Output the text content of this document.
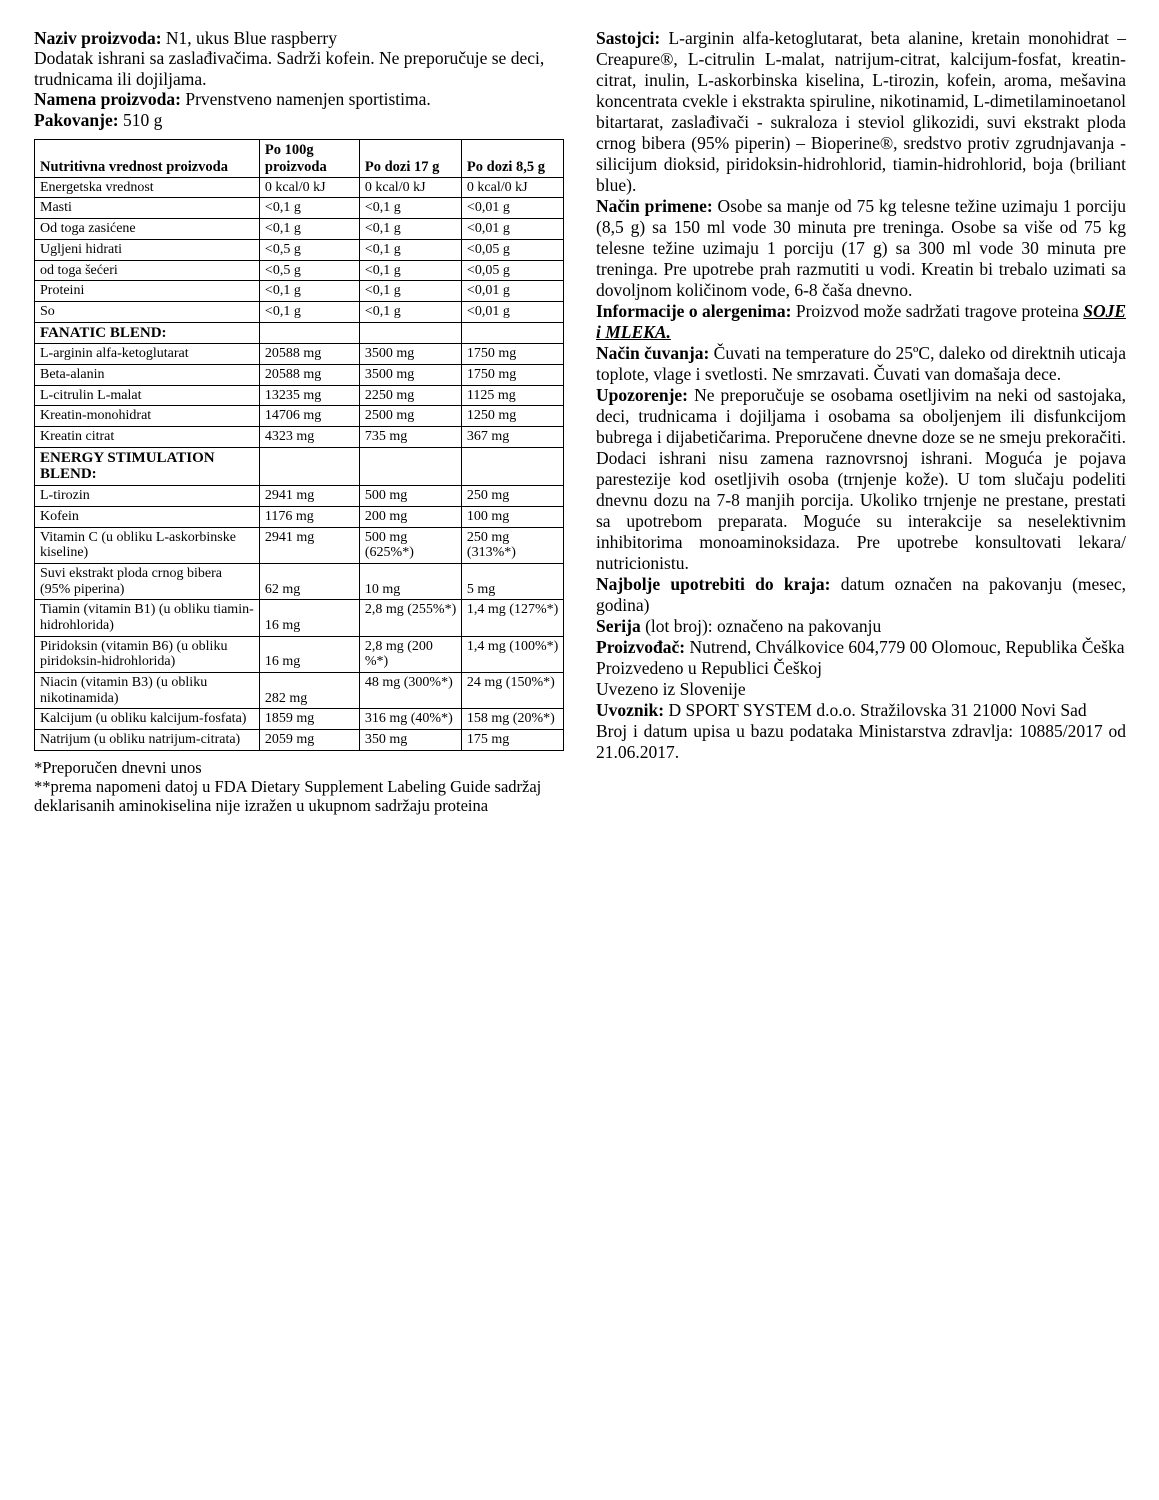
Naziv proizvoda: N1, ukus Blue raspberry

Dodatak ishrani sa zaslađivačima. Sadrži kofein. Ne preporučuje se deci, trudnicama ili dojiljama.

Namena proizvoda: Prvenstveno namenjen sportistima.

Pakovanje: 510 g

Nutritivna vrednost proizvoda	Po 100g proizvoda	Po dozi 17 g	Po dozi 8,5 g
Energetska vrednost	0 kcal/0 kJ	0 kcal/0 kJ	0 kcal/0 kJ
Masti	<0,1 g	<0,1 g	<0,01 g
Od toga zasićene	<0,1 g	<0,1 g	<0,01 g
Ugljeni hidrati	<0,5 g	<0,1 g	<0,05 g
od toga šećeri	<0,5 g	<0,1 g	<0,05 g
Proteini	<0,1 g	<0,1 g	<0,01 g
So	<0,1 g	<0,1 g	<0,01 g
FANATIC BLEND:			
L-arginin alfa-ketoglutarat	20588 mg	3500 mg	1750 mg
Beta-alanin	20588 mg	3500 mg	1750 mg
L-citrulin L-malat	13235 mg	2250 mg	1125 mg
Kreatin-monohidrat	14706 mg	2500 mg	1250 mg
Kreatin citrat	4323 mg	735 mg	367 mg
ENERGY STIMULATION BLEND:			
L-tirozin	2941 mg	500 mg	250 mg
Kofein	1176 mg	200 mg	100 mg
Vitamin C (u obliku L-askorbinske kiseline)	2941 mg	500 mg (625%*)	250 mg (313%*)
Suvi ekstrakt ploda crnog bibera (95% piperina)	62 mg	10 mg	5 mg
Tiamin (vitamin B1) (u obliku tiamin-hidrohlorida)	16 mg	2,8 mg (255%*)	1,4 mg (127%*)
Piridoksin (vitamin B6) (u obliku piridoksin-hidrohlorida)	16 mg	2,8 mg (200 %*)	1,4 mg (100%*)
Niacin (vitamin B3) (u obliku nikotinamida)	282 mg	48 mg (300%*)	24 mg (150%*)
Kalcijum (u obliku kalcijum-fosfata)	1859 mg	316 mg (40%*)	158 mg (20%*)
Natrijum (u obliku natrijum-citrata)	2059 mg	350 mg	175 mg

*Preporučen dnevni unos

**prema napomeni datoj u FDA Dietary Supplement Labeling Guide sadržaj deklarisanih aminokiselina nije izražen u ukupnom sadržaju proteina

Sastojci: L-arginin alfa-ketoglutarat, beta alanine, kretain monohidrat – Creapure®, L-citrulin L-malat, natrijum-citrat, kalcijum-fosfat, kreatin-citrat, inulin, L-askorbinska kiselina, L-tirozin, kofein, aroma, mešavina koncentrata cvekle i ekstrakta spiruline, nikotinamid, L-dimetilaminoetanol bitartarat, zaslađivači - sukraloza i steviol glikozidi, suvi ekstrakt ploda crnog bibera (95% piperin) – Bioperine®, sredstvo protiv zgrudnjavanja - silicijum dioksid, piridoksin-hidrohlorid, tiamin-hidrohlorid, boja (briliant blue).

Način primene: Osobe sa manje od 75 kg telesne težine uzimaju 1 porciju (8,5 g) sa 150 ml vode 30 minuta pre treninga. Osobe sa više od 75 kg telesne težine uzimaju 1 porciju (17 g) sa 300 ml vode 30 minuta pre treninga. Pre upotrebe prah razmutiti u vodi. Kreatin bi trebalo uzimati sa dovoljnom količinom vode, 6-8 čaša dnevno.

Informacije o alergenima: Proizvod može sadržati tragove proteina SOJE i MLEKA.

Način čuvanja: Čuvati na temperature do 25ºC, daleko od direktnih uticaja toplote, vlage i svetlosti. Ne smrzavati. Čuvati van domašaja dece.

Upozorenje: Ne preporučuje se osobama osetljivim na neki od sastojaka, deci, trudnicama i dojiljama i osobama sa oboljenjem ili disfunkcijom bubrega i dijabetičarima. Preporučene dnevne doze se ne smeju prekoračiti. Dodaci ishrani nisu zamena raznovrsnoj ishrani. Moguća je pojava parestezije kod osetljivih osoba (trnjenje kože). U tom slučaju podeliti dnevnu dozu na 7-8 manjih porcija. Ukoliko trnjenje ne prestane, prestati sa upotrebom preparata. Moguće su interakcije sa neselektivnim inhibitorima monoaminoksidaza. Pre upotrebe konsultovati lekara/ nutricionistu.

Najbolje upotrebiti do kraja: datum označen na pakovanju (mesec, godina)

Serija (lot broj): označeno na pakovanju

Proizvođač: Nutrend, Chválkovice 604,779 00 Olomouc, Republika Češka

Proizvedeno u Republici Češkoj

Uvezeno iz Slovenije

Uvoznik: D SPORT SYSTEM d.o.o. Stražilovska 31 21000 Novi Sad

Broj i datum upisa u bazu podataka Ministarstva zdravlja: 10885/2017 od 21.06.2017.
